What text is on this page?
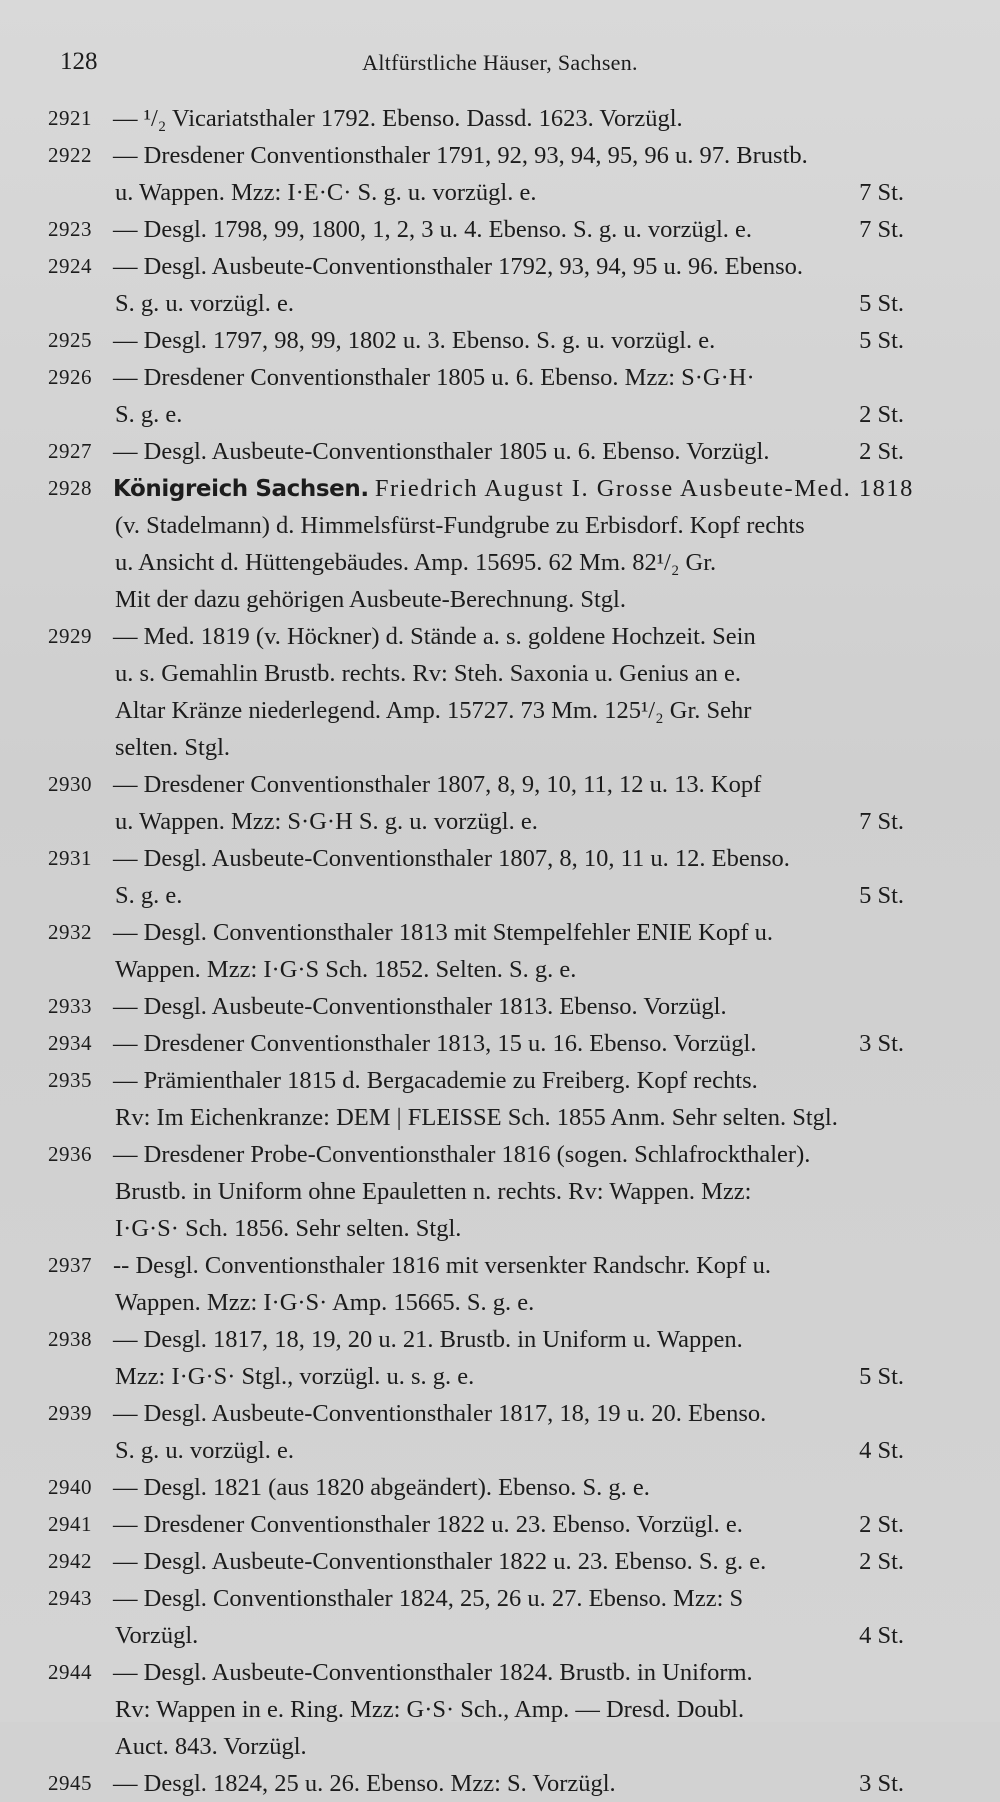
128	Altfürstliche Häuser, Sachsen.
2921 — ¹/₂ Vicariatsthaler 1792. Ebenso. Dassd. 1623. Vorzügl.
2922 — Dresdener Conventionsthaler 1791, 92, 93, 94, 95, 96 u. 97. Brustb.
u. Wappen. Mzz: I·E·C· S. g. u. vorzügl. e.	7 St.
2923 — Desgl. 1798, 99, 1800, 1, 2, 3 u. 4. Ebenso. S. g. u. vorzügl. e.	7 St.
2924 — Desgl. Ausbeute-Conventionsthaler 1792, 93, 94, 95 u. 96. Ebenso.
S. g. u. vorzügl. e.	5 St.
2925 — Desgl. 1797, 98, 99, 1802 u. 3. Ebenso. S. g. u. vorzügl. e.	5 St.
2926 — Dresdener Conventionsthaler 1805 u. 6. Ebenso. Mzz: S·G·H·
S. g. e.	2 St.
2927 — Desgl. Ausbeute-Conventionsthaler 1805 u. 6. Ebenso. Vorzügl.	2 St.
2928 Königreich Sachsen. Friedrich August I. Grosse Ausbeute-Med. 1818
(v. Stadelmann) d. Himmelsfürst-Fundgrube zu Erbisdorf. Kopf rechts
u. Ansicht d. Hüttengebäudes. Amp. 15695. 62 Mm. 82¹/₂ Gr.
Mit der dazu gehörigen Ausbeute-Berechnung. Stgl.
2929 — Med. 1819 (v. Höckner) d. Stände a. s. goldene Hochzeit. Sein
u. s. Gemahlin Brustb. rechts. Rv: Steh. Saxonia u. Genius an e.
Altar Kränze niederlegend. Amp. 15727. 73 Mm. 125¹/₂ Gr. Sehr
selten. Stgl.
2930 — Dresdener Conventionsthaler 1807, 8, 9, 10, 11, 12 u. 13. Kopf
u. Wappen. Mzz: S·G·H S. g. u. vorzügl. e.	7 St.
2931 — Desgl. Ausbeute-Conventionsthaler 1807, 8, 10, 11 u. 12. Ebenso.
S. g. e.	5 St.
2932 — Desgl. Conventionsthaler 1813 mit Stempelfehler ENIE Kopf u.
Wappen. Mzz: I·G·S Sch. 1852. Selten. S. g. e.
2933 — Desgl. Ausbeute-Conventionsthaler 1813. Ebenso. Vorzügl.
2934 — Dresdener Conventionsthaler 1813, 15 u. 16. Ebenso. Vorzügl.	3 St.
2935 — Prämienthaler 1815 d. Bergacademie zu Freiberg. Kopf rechts.
Rv: Im Eichenkranze: DEM | FLEISSE Sch. 1855 Anm. Sehr selten. Stgl.
2936 — Dresdener Probe-Conventionsthaler 1816 (sogen. Schlafrockthaler).
Brustb. in Uniform ohne Epauletten n. rechts. Rv: Wappen. Mzz:
I·G·S· Sch. 1856. Sehr selten. Stgl.
2937 -- Desgl. Conventionsthaler 1816 mit versenkter Randschr. Kopf u.
Wappen. Mzz: I·G·S· Amp. 15665. S. g. e.
2938 — Desgl. 1817, 18, 19, 20 u. 21. Brustb. in Uniform u. Wappen.
Mzz: I·G·S· Stgl., vorzügl. u. s. g. e.	5 St.
2939 — Desgl. Ausbeute-Conventionsthaler 1817, 18, 19 u. 20. Ebenso.
S. g. u. vorzügl. e.	4 St.
2940 — Desgl. 1821 (aus 1820 abgeändert). Ebenso. S. g. e.
2941 — Dresdener Conventionsthaler 1822 u. 23. Ebenso. Vorzügl. e.	2 St.
2942 — Desgl. Ausbeute-Conventionsthaler 1822 u. 23. Ebenso. S. g. e.	2 St.
2943 — Desgl. Conventionsthaler 1824, 25, 26 u. 27. Ebenso. Mzz: S
Vorzügl.	4 St.
2944 — Desgl. Ausbeute-Conventionsthaler 1824. Brustb. in Uniform.
Rv: Wappen in e. Ring. Mzz: G·S· Sch., Amp. — Dresd. Doubl.
Auct. 843. Vorzügl.
2945 — Desgl. 1824, 25 u. 26. Ebenso. Mzz: S. Vorzügl.	3 St.
